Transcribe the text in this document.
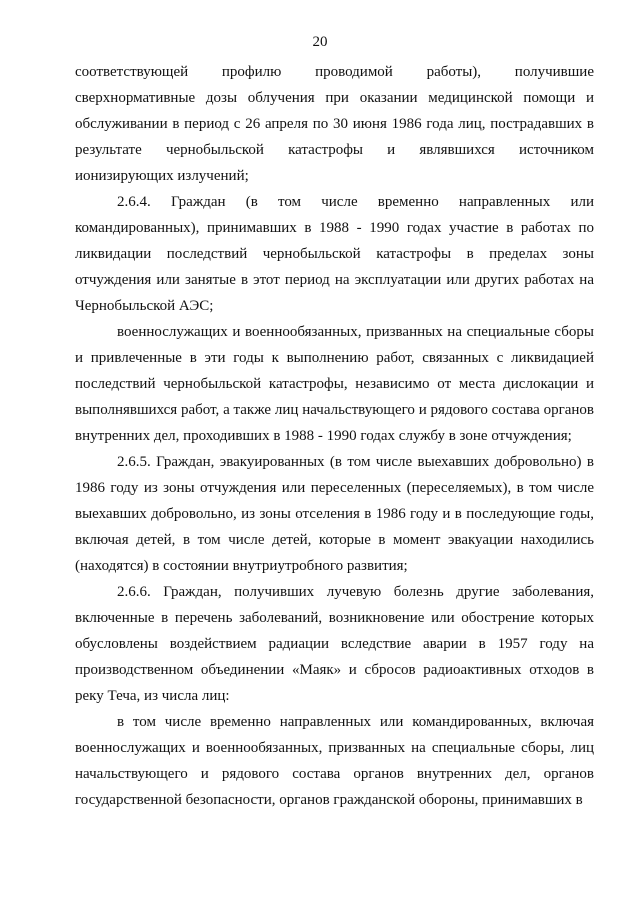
20

соответствующей профилю проводимой работы), получившие сверхнормативные дозы облучения при оказании медицинской помощи и обслуживании в период с 26 апреля по 30 июня 1986 года лиц, пострадавших в результате чернобыльской катастрофы и являвшихся источником ионизирующих излучений;

2.6.4. Граждан (в том числе временно направленных или командированных), принимавших в 1988 - 1990 годах участие в работах по ликвидации последствий чернобыльской катастрофы в пределах зоны отчуждения или занятые в этот период на эксплуатации или других работах на Чернобыльской АЭС;

военнослужащих и военнообязанных, призванных на специальные сборы и привлеченные в эти годы к выполнению работ, связанных с ликвидацией последствий чернобыльской катастрофы, независимо от места дислокации и выполнявшихся работ, а также лиц начальствующего и рядового состава органов внутренних дел, проходивших в 1988 - 1990 годах службу в зоне отчуждения;

2.6.5. Граждан, эвакуированных (в том числе выехавших добровольно) в 1986 году из зоны отчуждения или переселенных (переселяемых), в том числе выехавших добровольно, из зоны отселения в 1986 году и в последующие годы, включая детей, в том числе детей, которые в момент эвакуации находились (находятся) в состоянии внутриутробного развития;

2.6.6. Граждан, получивших лучевую болезнь другие заболевания, включенные в перечень заболеваний, возникновение или обострение которых обусловлены воздействием радиации вследствие аварии в 1957 году на производственном объединении «Маяк» и сбросов радиоактивных отходов в реку Теча, из числа лиц:

в том числе временно направленных или командированных, включая военнослужащих и военнообязанных, призванных на специальные сборы, лиц начальствующего и рядового состава органов внутренних дел, органов государственной безопасности, органов гражданской обороны, принимавших в
